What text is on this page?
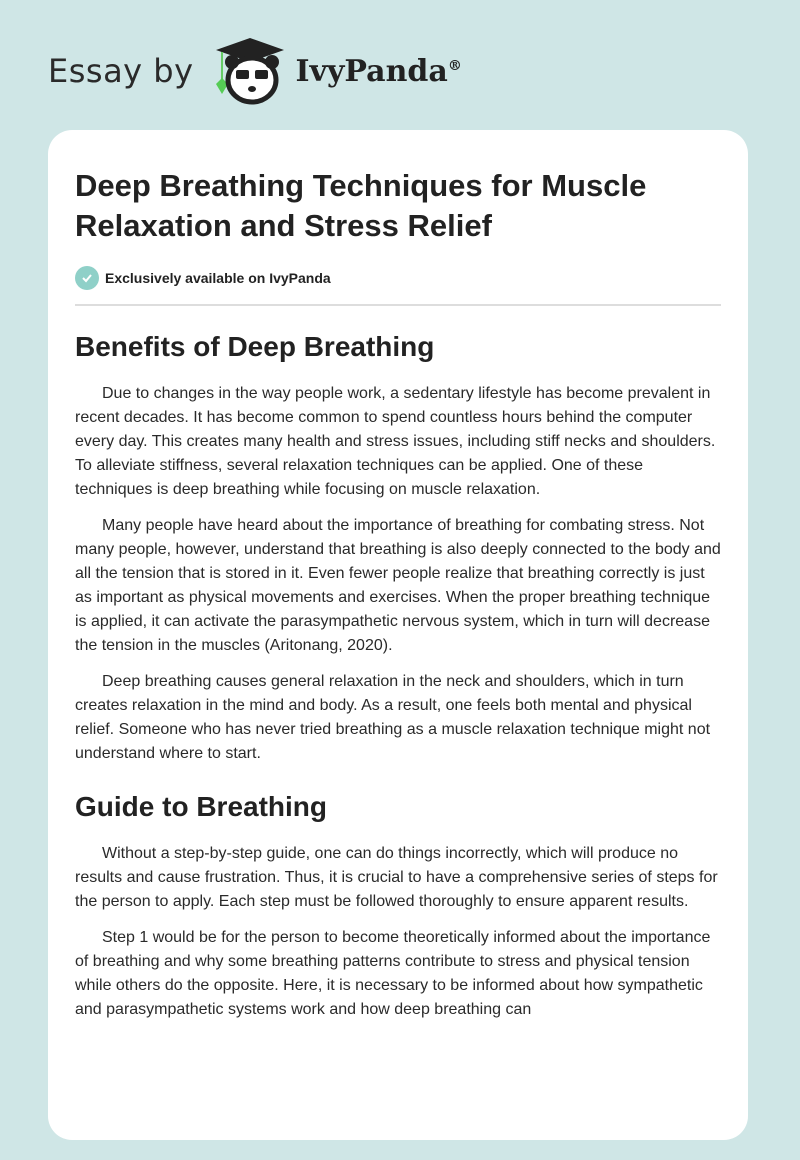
Essay by	IvyPanda®
Deep Breathing Techniques for Muscle Relaxation and Stress Relief
Exclusively available on IvyPanda
Benefits of Deep Breathing

Due to changes in the way people work, a sedentary lifestyle has become prevalent in recent decades. It has become common to spend countless hours behind the computer every day. This creates many health and stress issues, including stiff necks and shoulders. To alleviate stiffness, several relaxation techniques can be applied. One of these techniques is deep breathing while focusing on muscle relaxation.

Many people have heard about the importance of breathing for combating stress. Not many people, however, understand that breathing is also deeply connected to the body and all the tension that is stored in it. Even fewer people realize that breathing correctly is just as important as physical movements and exercises. When the proper breathing technique is applied, it can activate the parasympathetic nervous system, which in turn will decrease the tension in the muscles (Aritonang, 2020).

Deep breathing causes general relaxation in the neck and shoulders, which in turn creates relaxation in the mind and body. As a result, one feels both mental and physical relief. Someone who has never tried breathing as a muscle relaxation technique might not understand where to start.

Guide to Breathing

Without a step-by-step guide, one can do things incorrectly, which will produce no results and cause frustration. Thus, it is crucial to have a comprehensive series of steps for the person to apply. Each step must be followed thoroughly to ensure apparent results.

Step 1 would be for the person to become theoretically informed about the importance of breathing and why some breathing patterns contribute to stress and physical tension while others do the opposite. Here, it is necessary to be informed about how sympathetic and parasympathetic systems work and how deep breathing can
